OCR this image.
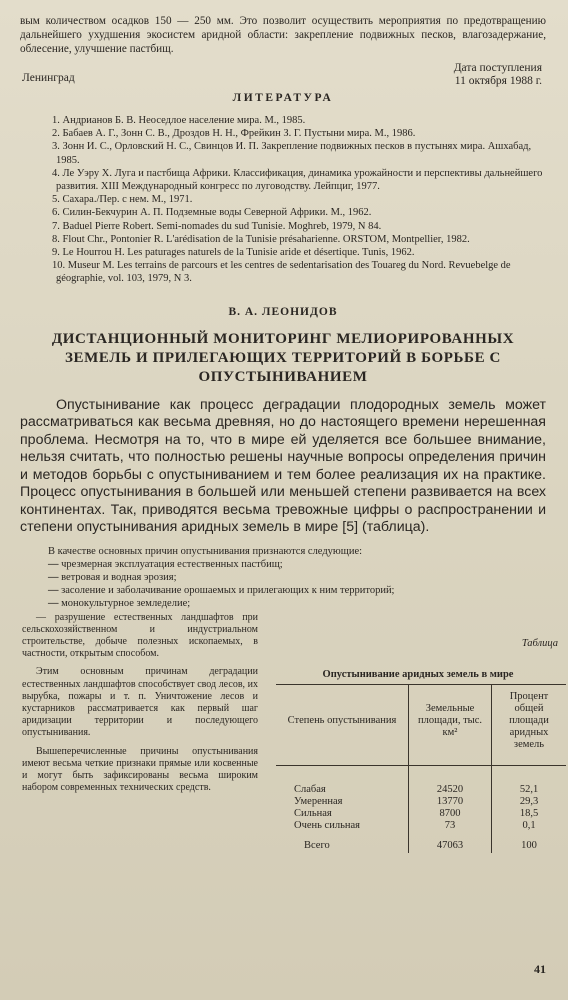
вым количеством осадков 150 — 250 мм. Это позволит осуществить мероприятия по предотвращению дальнейшего ухудшения экосистем аридной области: закрепление подвижных песков, влагозадержание, облесение, улучшение пастбищ.

Ленинград
Дата поступления
11 октября 1988 г.
ЛИТЕРАТУРА
1. Андрианов Б. В. Неоседлое население мира. М., 1985.
2. Бабаев А. Г., Зонн С. В., Дроздов Н. Н., Фрейкин З. Г. Пустыни мира. М., 1986.
3. Зонн И. С., Орловский Н. С., Свинцов И. П. Закрепление подвижных песков в пустынях мира. Ашхабад, 1985.
4. Ле Уэру Х. Луга и пастбища Африки. Классификация, динамика урожайности и перспективы дальнейшего развития. XIII Международный конгресс по луговодству. Лейпциг, 1977.
5. Сахара./Пер. с нем. М., 1971.
6. Силин-Бекчурин А. П. Подземные воды Северной Африки. М., 1962.
7. Baduel Pierre Robert. Semi-nomades du sud Tunisie. Moghreb, 1979, N 84.
8. Flout Chr., Pontonier R. L'arédisation de la Tunisie présaharienne. ORSTOM, Montpellier, 1982.
9. Le Hourrou H. Les paturages naturels de la Tunisie aride et désertique. Tunis, 1962.
10. Museur M. Les terrains de parcours et les centres de sedentarisation des Touareg du Nord. Revuebelge de géographie, vol. 103, 1979, N 3.
В. А. ЛЕОНИДОВ
ДИСТАНЦИОННЫЙ МОНИТОРИНГ МЕЛИОРИРОВАННЫХ ЗЕМЕЛЬ И ПРИЛЕГАЮЩИХ ТЕРРИТОРИЙ В БОРЬБЕ С ОПУСТЫНИВАНИЕМ

Опустынивание как процесс деградации плодородных земель может рассматриваться как весьма древняя, но до настоящего времени нерешенная проблема. Несмотря на то, что в мире ей уделяется все большее внимание, нельзя считать, что полностью решены научные вопросы определения причин и методов борьбы с опустыниванием и тем более реализация их на практике. Процесс опустынивания в большей или меньшей степени развивается на всех континентах. Так, приводятся весьма тревожные цифры о распространении и степени опустынивания аридных земель в мире [5] (таблица).

В качестве основных причин опустынивания признаются следующие:
— чрезмерная эксплуатация естественных пастбищ;
— ветровая и водная эрозия;
— засоление и заболачивание орошаемых и прилегающих к ним территорий;
— монокультурное земледелие;

— разрушение естественных ландшафтов при сельскохозяйственном и индустриальном строительстве, добыче полезных ископаемых, в частности, открытым способом.

Этим основным причинам деградации естественных ландшафтов способствует свод лесов, их вырубка, пожары и т. п. Уничтожение лесов и кустарников рассматривается как первый шаг аридизации территории и последующего опустынивания.

Вышеперечисленные причины опустынивания имеют весьма четкие признаки прямые или косвенные и могут быть зафиксированы весьма широким набором современных технических средств.

Таблица
Опустынивание аридных земель в мире
Степень опустынивания	Земельные площади, тыс. км²	Процент общей площади аридных земель
Слабая	24520	52,1
Умеренная	13770	29,3
Сильная	8700	18,5
Очень сильная	73	0,1
Всего	47063	100
41
